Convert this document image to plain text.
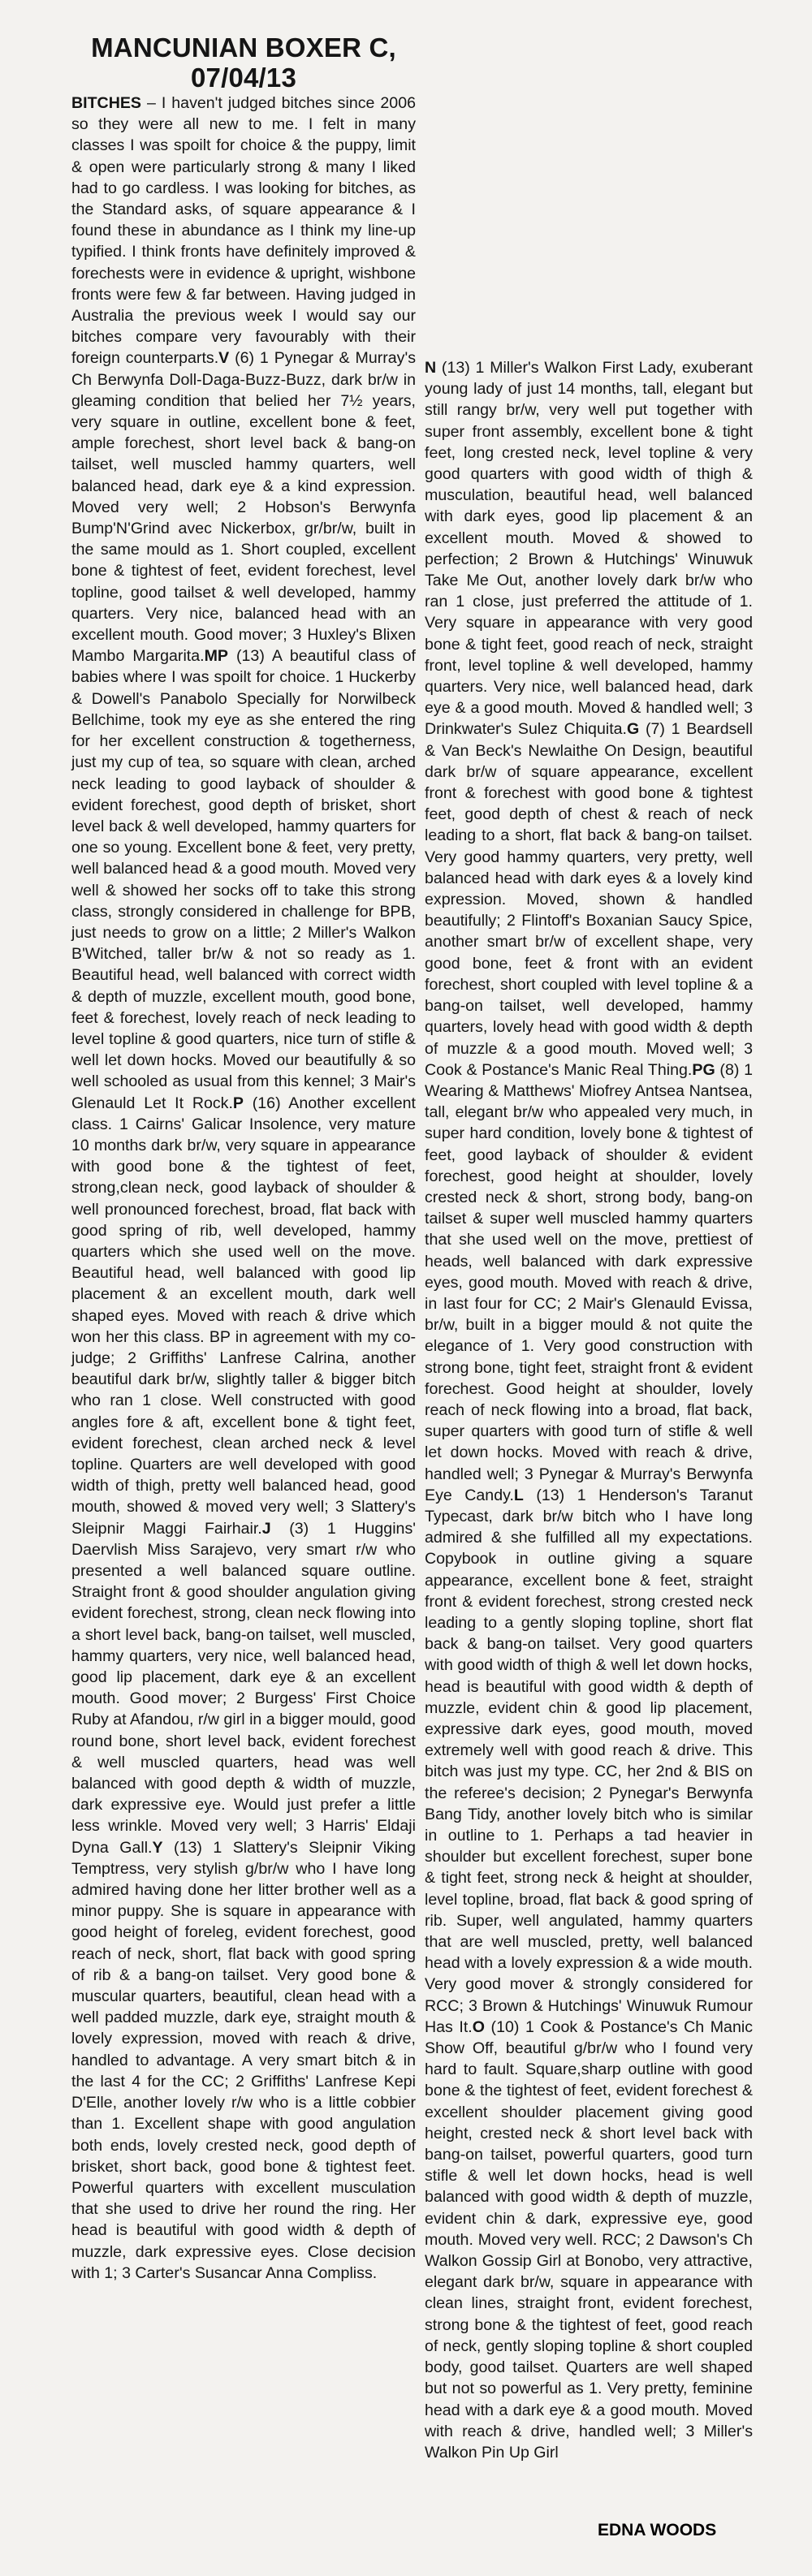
MANCUNIAN BOXER C,
07/04/13

BITCHES – I haven't judged bitches since 2006 so they were all new to me. I felt in many classes I was spoilt for choice & the puppy, limit & open were particularly strong & many I liked had to go cardless. I was looking for bitches, as the Standard asks, of square appearance & I found these in abundance as I think my line-up typified. I think fronts have definitely improved & forechests were in evidence & upright, wishbone fronts were few & far between. Having judged in Australia the previous week I would say our bitches compare very favourably with their foreign counterparts.V (6) 1 Pynegar & Murray's Ch Berwynfa Doll-Daga-Buzz-Buzz, dark br/w in gleaming condition that belied her 7½ years, very square in outline, excellent bone & feet, ample forechest, short level back & bang-on tailset, well muscled hammy quarters, well balanced head, dark eye & a kind expression. Moved very well; 2 Hobson's Berwynfa Bump'N'Grind avec Nickerbox, gr/br/w, built in the same mould as 1. Short coupled, excellent bone & tightest of feet, evident forechest, level topline, good tailset & well developed, hammy quarters. Very nice, balanced head with an excellent mouth. Good mover; 3 Huxley's Blixen Mambo Margarita.MP (13) A beautiful class of babies where I was spoilt for choice. 1 Huckerby & Dowell's Panabolo Specially for Norwilbeck Bellchime, took my eye as she entered the ring for her excellent construction & togetherness, just my cup of tea, so square with clean, arched neck leading to good layback of shoulder & evident forechest, good depth of brisket, short level back & well developed, hammy quarters for one so young. Excellent bone & feet, very pretty, well balanced head & a good mouth. Moved very well & showed her socks off to take this strong class, strongly considered in challenge for BPB, just needs to grow on a little; 2 Miller's Walkon B'Witched, taller br/w & not so ready as 1. Beautiful head, well balanced with correct width & depth of muzzle, excellent mouth, good bone, feet & forechest, lovely reach of neck leading to level topline & good quarters, nice turn of stifle & well let down hocks. Moved our beautifully & so well schooled as usual from this kennel; 3 Mair's Glenauld Let It Rock.P (16) Another excellent class. 1 Cairns' Galicar Insolence, very mature 10 months dark br/w, very square in appearance with good bone & the tightest of feet, strong,clean neck, good layback of shoulder & well pronounced forechest, broad, flat back with good spring of rib, well developed, hammy quarters which she used well on the move. Beautiful head, well balanced with good lip placement & an excellent mouth, dark well shaped eyes. Moved with reach & drive which won her this class. BP in agreement with my co-judge; 2 Griffiths' Lanfrese Calrina, another beautiful dark br/w, slightly taller & bigger bitch who ran 1 close. Well constructed with good angles fore & aft, excellent bone & tight feet, evident forechest, clean arched neck & level topline. Quarters are well developed with good width of thigh, pretty well balanced head, good mouth, showed & moved very well; 3 Slattery's Sleipnir Maggi Fairhair.J (3) 1 Huggins' Daervlish Miss Sarajevo, very smart r/w who presented a well balanced square outline. Straight front & good shoulder angulation giving evident forechest, strong, clean neck flowing into a short level back, bang-on tailset, well muscled, hammy quarters, very nice, well balanced head, good lip placement, dark eye & an excellent mouth. Good mover; 2 Burgess' First Choice Ruby at Afandou, r/w girl in a bigger mould, good round bone, short level back, evident forechest & well muscled quarters, head was well balanced with good depth & width of muzzle, dark expressive eye. Would just prefer a little less wrinkle. Moved very well; 3 Harris' Eldaji Dyna Gall.Y (13) 1 Slattery's Sleipnir Viking Temptress, very stylish g/br/w who I have long admired having done her litter brother well as a minor puppy. She is square in appearance with good height of foreleg, evident forechest, good reach of neck, short, flat back with good spring of rib & a bang-on tailset. Very good bone & muscular quarters, beautiful, clean head with a well padded muzzle, dark eye, straight mouth & lovely expression, moved with reach & drive, handled to advantage. A very smart bitch & in the last 4 for the CC; 2 Griffiths' Lanfrese Kepi D'Elle, another lovely r/w who is a little cobbier than 1. Excellent shape with good angulation both ends, lovely crested neck, good depth of brisket, short back, good bone & tightest feet. Powerful quarters with excellent musculation that she used to drive her round the ring. Her head is beautiful with good width & depth of muzzle, dark expressive eyes. Close decision with 1; 3 Carter's Susancar Anna Compliss.

N (13) 1 Miller's Walkon First Lady, exuberant young lady of just 14 months, tall, elegant but still rangy br/w, very well put together with super front assembly, excellent bone & tight feet, long crested neck, level topline & very good quarters with good width of thigh & musculation, beautiful head, well balanced with dark eyes, good lip placement & an excellent mouth. Moved & showed to perfection; 2 Brown & Hutchings' Winuwuk Take Me Out, another lovely dark br/w who ran 1 close, just preferred the attitude of 1. Very square in appearance with very good bone & tight feet, good reach of neck, straight front, level topline & well developed, hammy quarters. Very nice, well balanced head, dark eye & a good mouth. Moved & handled well; 3 Drinkwater's Sulez Chiquita.G (7) 1 Beardsell & Van Beck's Newlaithe On Design, beautiful dark br/w of square appearance, excellent front & forechest with good bone & tightest feet, good depth of chest & reach of neck leading to a short, flat back & bang-on tailset. Very good hammy quarters, very pretty, well balanced head with dark eyes & a lovely kind expression. Moved, shown & handled beautifully; 2 Flintoff's Boxanian Saucy Spice, another smart br/w of excellent shape, very good bone, feet & front with an evident forechest, short coupled with level topline & a bang-on tailset, well developed, hammy quarters, lovely head with good width & depth of muzzle & a good mouth. Moved well; 3 Cook & Postance's Manic Real Thing.PG (8) 1 Wearing & Matthews' Miofrey Antsea Nantsea, tall, elegant br/w who appealed very much, in super hard condition, lovely bone & tightest of feet, good layback of shoulder & evident forechest, good height at shoulder, lovely crested neck & short, strong body, bang-on tailset & super well muscled hammy quarters that she used well on the move, prettiest of heads, well balanced with dark expressive eyes, good mouth. Moved with reach & drive, in last four for CC; 2 Mair's Glenauld Evissa, br/w, built in a bigger mould & not quite the elegance of 1. Very good construction with strong bone, tight feet, straight front & evident forechest. Good height at shoulder, lovely reach of neck flowing into a broad, flat back, super quarters with good turn of stifle & well let down hocks. Moved with reach & drive, handled well; 3 Pynegar & Murray's Berwynfa Eye Candy.L (13) 1 Henderson's Taranut Typecast, dark br/w bitch who I have long admired & she fulfilled all my expectations. Copybook in outline giving a square appearance, excellent bone & feet, straight front & evident forechest, strong crested neck leading to a gently sloping topline, short flat back & bang-on tailset. Very good quarters with good width of thigh & well let down hocks, head is beautiful with good width & depth of muzzle, evident chin & good lip placement, expressive dark eyes, good mouth, moved extremely well with good reach & drive. This bitch was just my type. CC, her 2nd & BIS on the referee's decision; 2 Pynegar's Berwynfa Bang Tidy, another lovely bitch who is similar in outline to 1. Perhaps a tad heavier in shoulder but excellent forechest, super bone & tight feet, strong neck & height at shoulder, level topline, broad, flat back & good spring of rib. Super, well angulated, hammy quarters that are well muscled, pretty, well balanced head with a lovely expression & a wide mouth. Very good mover & strongly considered for RCC; 3 Brown & Hutchings' Winuwuk Rumour Has It.O (10) 1 Cook & Postance's Ch Manic Show Off, beautiful g/br/w who I found very hard to fault. Square,sharp outline with good bone & the tightest of feet, evident forechest & excellent shoulder placement giving good height, crested neck & short level back with bang-on tailset, powerful quarters, good turn stifle & well let down hocks, head is well balanced with good width & depth of muzzle, evident chin & dark, expressive eye, good mouth. Moved very well. RCC; 2 Dawson's Ch Walkon Gossip Girl at Bonobo, very attractive, elegant dark br/w, square in appearance with clean lines, straight front, evident forechest, strong bone & the tightest of feet, good reach of neck, gently sloping topline & short coupled body, good tailset. Quarters are well shaped but not so powerful as 1. Very pretty, feminine head with a dark eye & a good mouth. Moved with reach & drive, handled well; 3 Miller's Walkon Pin Up Girl

EDNA WOODS
